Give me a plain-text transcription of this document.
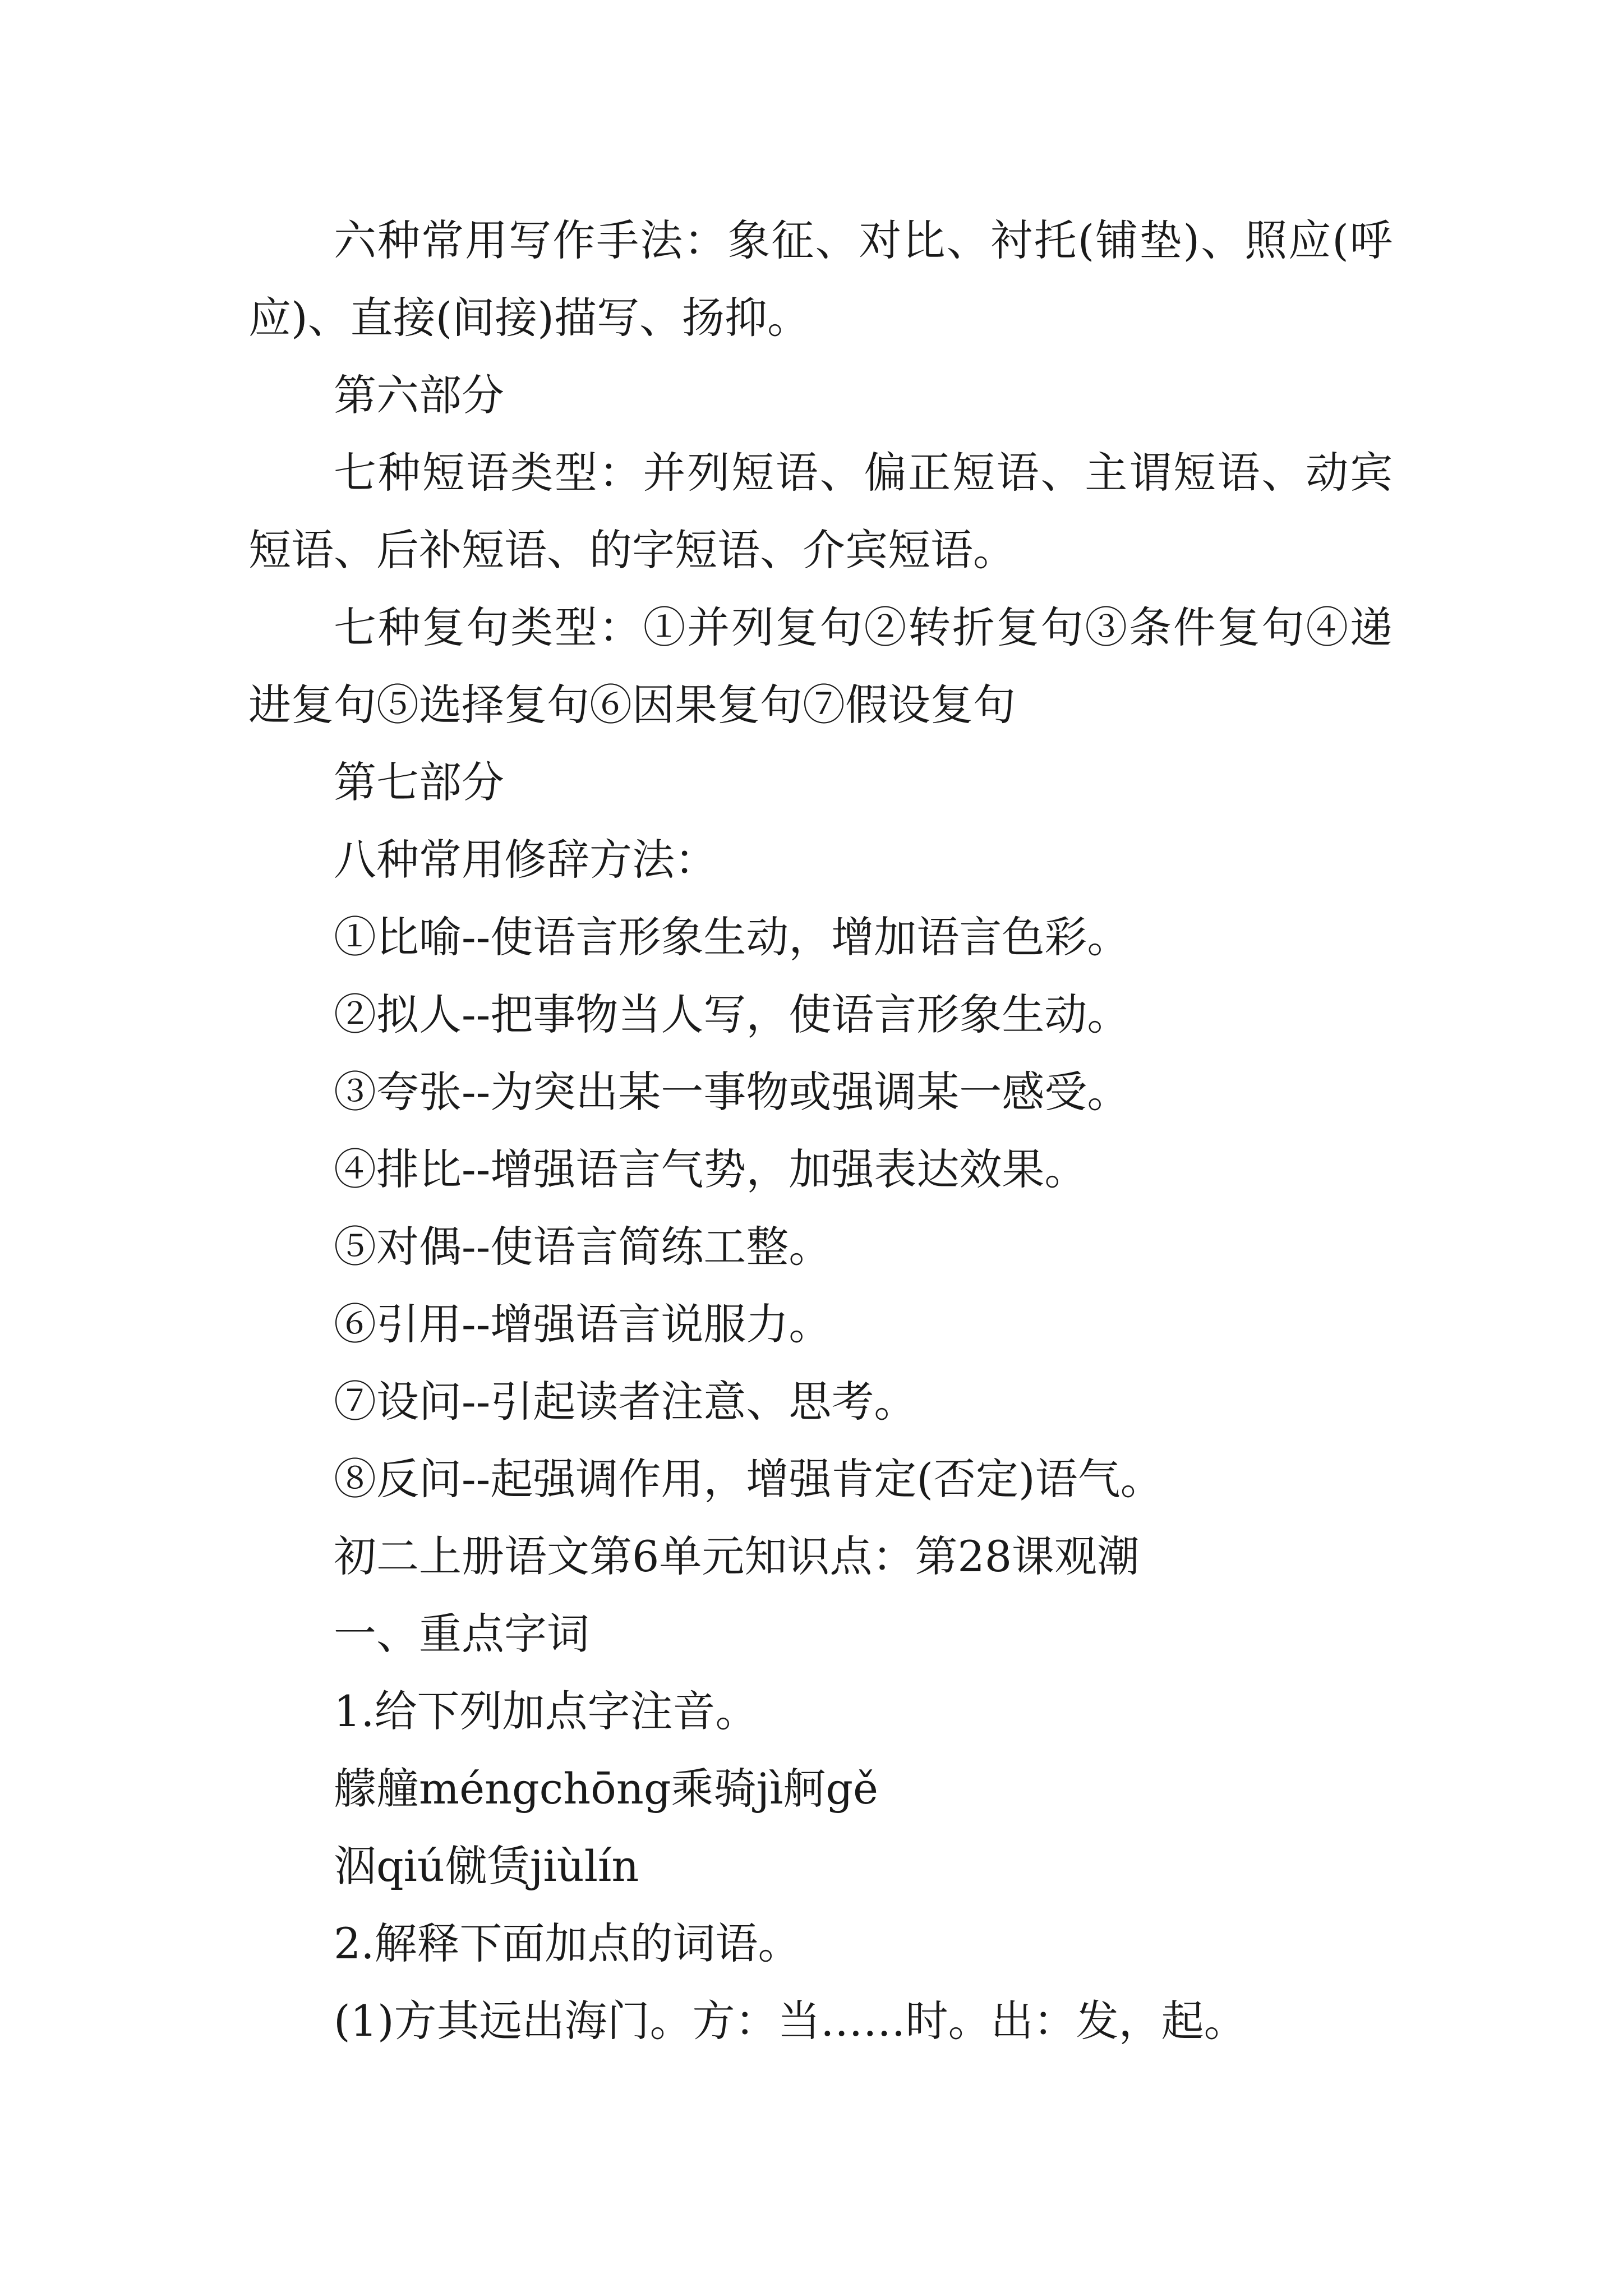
六种常用写作手法：象征、对比、衬托(铺垫)、照应(呼应)、直接(间接)描写、扬抑。

第六部分

七种短语类型：并列短语、偏正短语、主谓短语、动宾短语、后补短语、的字短语、介宾短语。

七种复句类型：①并列复句②转折复句③条件复句④递进复句⑤选择复句⑥因果复句⑦假设复句

第七部分

八种常用修辞方法：

①比喻--使语言形象生动，增加语言色彩。

②拟人--把事物当人写，使语言形象生动。

③夸张--为突出某一事物或强调某一感受。

④排比--增强语言气势，加强表达效果。

⑤对偶--使语言简练工整。

⑥引用--增强语言说服力。

⑦设问--引起读者注意、思考。

⑧反问--起强调作用，增强肯定(否定)语气。

初二上册语文第6单元知识点：第28课观潮

一、重点字词

1.给下列加点字注音。

艨艟méngchōng乘骑jì舸gě

泅qiú僦赁jiùlín

2.解释下面加点的词语。

(1)方其远出海门。方：当……时。出：发，起。
